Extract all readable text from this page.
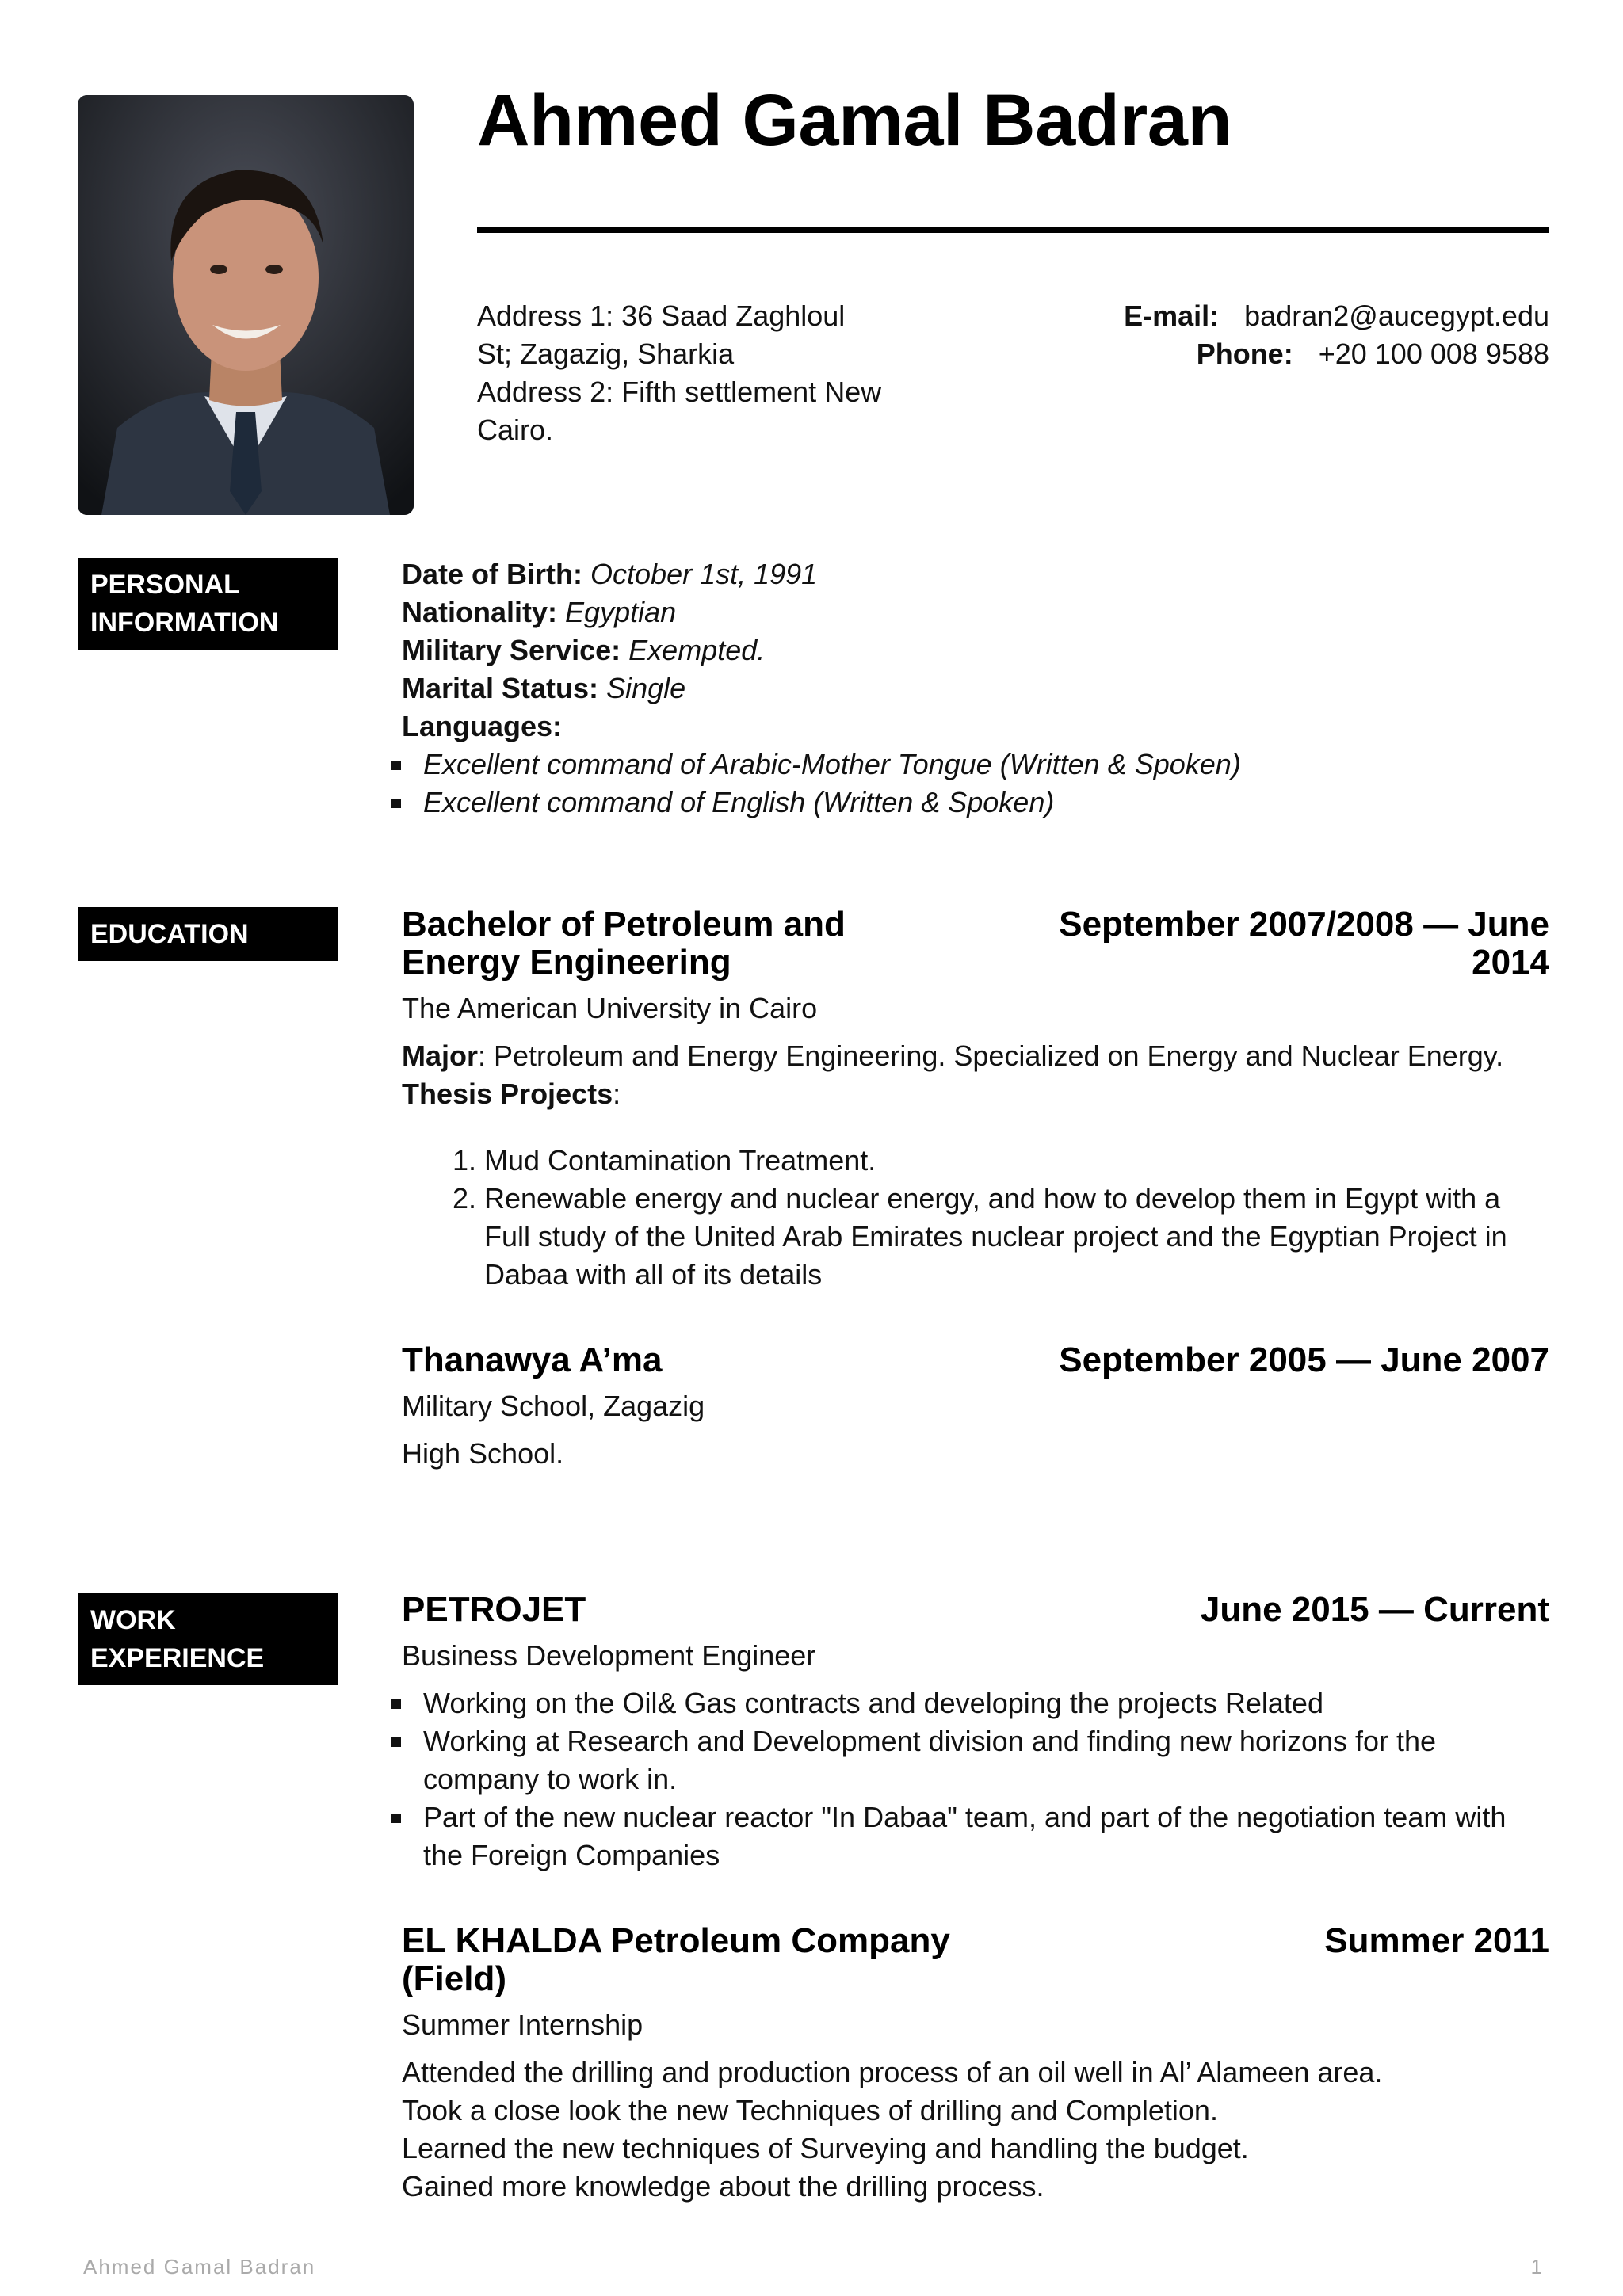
Ahmed Gamal Badran
Address 1: 36 Saad Zaghloul
St; Zagazig, Sharkia
Address 2: Fifth settlement New
Cairo.
E-mail: badran2@aucegypt.edu
Phone: +20 100 008 9588
PERSONAL INFORMATION
Date of Birth: October 1st, 1991
Nationality: Egyptian
Military Service: Exempted.
Marital Status: Single
Languages:
Excellent command of Arabic-Mother Tongue (Written & Spoken)
Excellent command of English (Written & Spoken)
EDUCATION	Bachelor of Petroleum and Energy Engineering
September 2007/2008 — June 2014
The American University in Cairo
Major: Petroleum and Energy Engineering. Specialized on Energy and Nuclear Energy.
Thesis Projects:
1. Mud Contamination Treatment.
2. Renewable energy and nuclear energy, and how to develop them in Egypt with a Full study of the United Arab Emirates nuclear project and the Egyptian Project in Dabaa with all of its details
Thanawya A’ma	September 2005 — June 2007
Military School, Zagazig
High School.
WORK EXPERIENCE
PETROJET	June 2015 — Current
Business Development Engineer
Working on the Oil& Gas contracts and developing the projects Related
Working at Research and Development division and finding new horizons for the company to work in.
Part of the new nuclear reactor "In Dabaa" team, and part of the negotiation team with the Foreign Companies
EL KHALDA Petroleum Company (Field)
Summer 2011
Summer Internship
Attended the drilling and production process of an oil well in Al’ Alameen area.
Took a close look the new Techniques of drilling and Completion.
Learned the new techniques of Surveying and handling the budget.
Gained more knowledge about the drilling process.
Ahmed Gamal Badran	1
